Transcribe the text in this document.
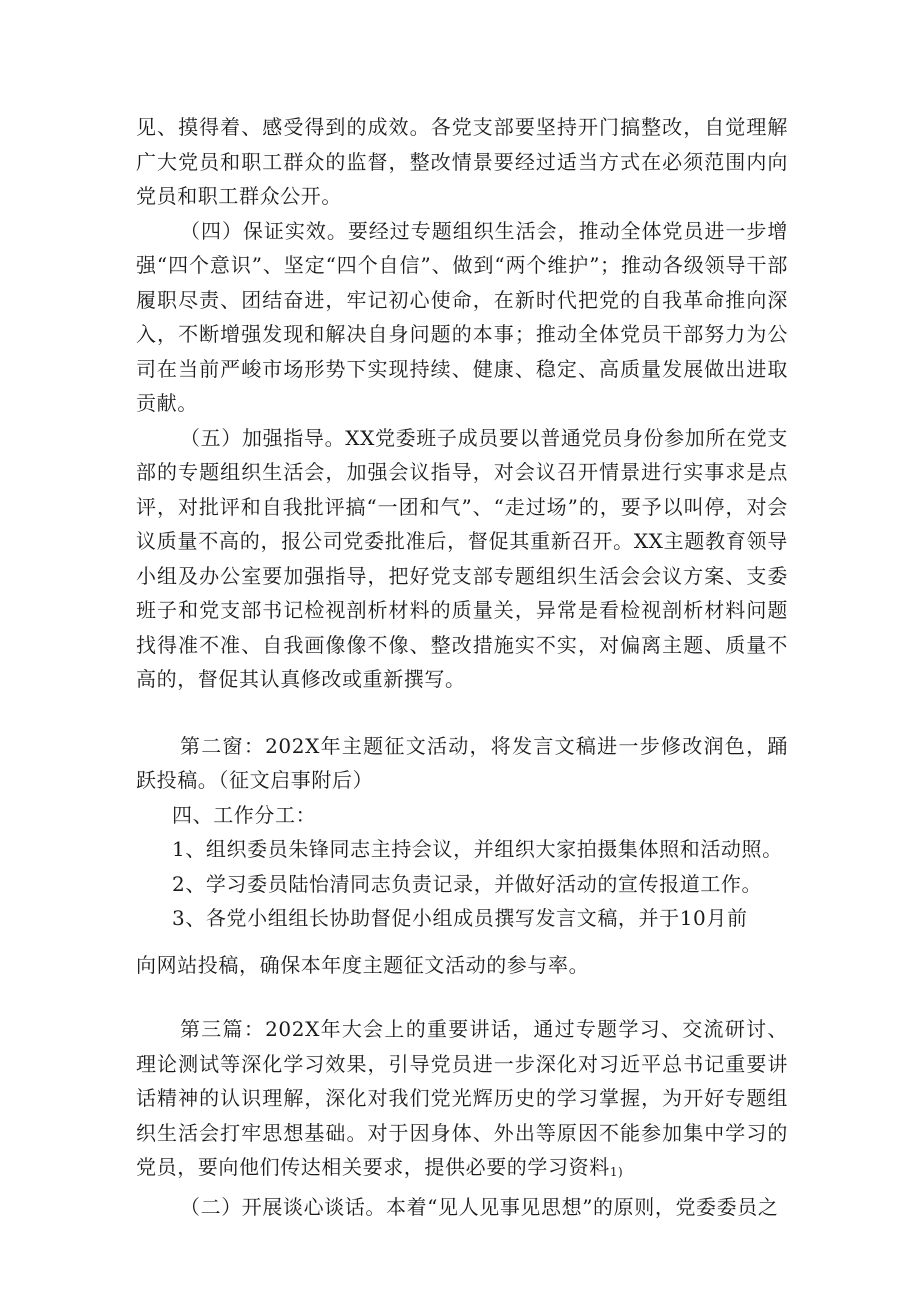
见、摸得着、感受得到的成效。各党支部要坚持开门搞整改，自觉理解广大党员和职工群众的监督，整改情景要经过适当方式在必须范围内向党员和职工群众公开。

（四）保证实效。要经过专题组织生活会，推动全体党员进一步增强“四个意识”、坚定“四个自信”、做到“两个维护”；推动各级领导干部履职尽责、团结奋进，牢记初心使命，在新时代把党的自我革命推向深入，不断增强发现和解决自身问题的本事；推动全体党员干部努力为公司在当前严峻市场形势下实现持续、健康、稳定、高质量发展做出进取贡献。

（五）加强指导。XX党委班子成员要以普通党员身份参加所在党支部的专题组织生活会，加强会议指导，对会议召开情景进行实事求是点评，对批评和自我批评搞“一团和气”、“走过场”的，要予以叫停，对会议质量不高的，报公司党委批准后，督促其重新召开。XX主题教育领导小组及办公室要加强指导，把好党支部专题组织生活会会议方案、支委班子和党支部书记检视剖析材料的质量关，异常是看检视剖析材料问题找得准不准、自我画像像不像、整改措施实不实，对偏离主题、质量不高的，督促其认真修改或重新撰写。

第二窗：202X年主题征文活动，将发言文稿进一步修改润色，踊跃投稿。（征文启事附后）

四、工作分工：

1、组织委员朱锋同志主持会议，并组织大家拍摄集体照和活动照。

2、学习委员陆怡清同志负责记录，并做好活动的宣传报道工作。

3、各党小组组长协助督促小组成员撰写发言文稿，并于10月前

向网站投稿，确保本年度主题征文活动的参与率。

第三篇：202X年大会上的重要讲话，通过专题学习、交流研讨、理论测试等深化学习效果，引导党员进一步深化对习近平总书记重要讲话精神的认识理解，深化对我们党光辉历史的学习掌握，为开好专题组织生活会打牢思想基础。对于因身体、外出等原因不能参加集中学习的党员，要向他们传达相关要求，提供必要的学习资料1)

（二）开展谈心谈话。本着“见人见事见思想”的原则，党委委员之
